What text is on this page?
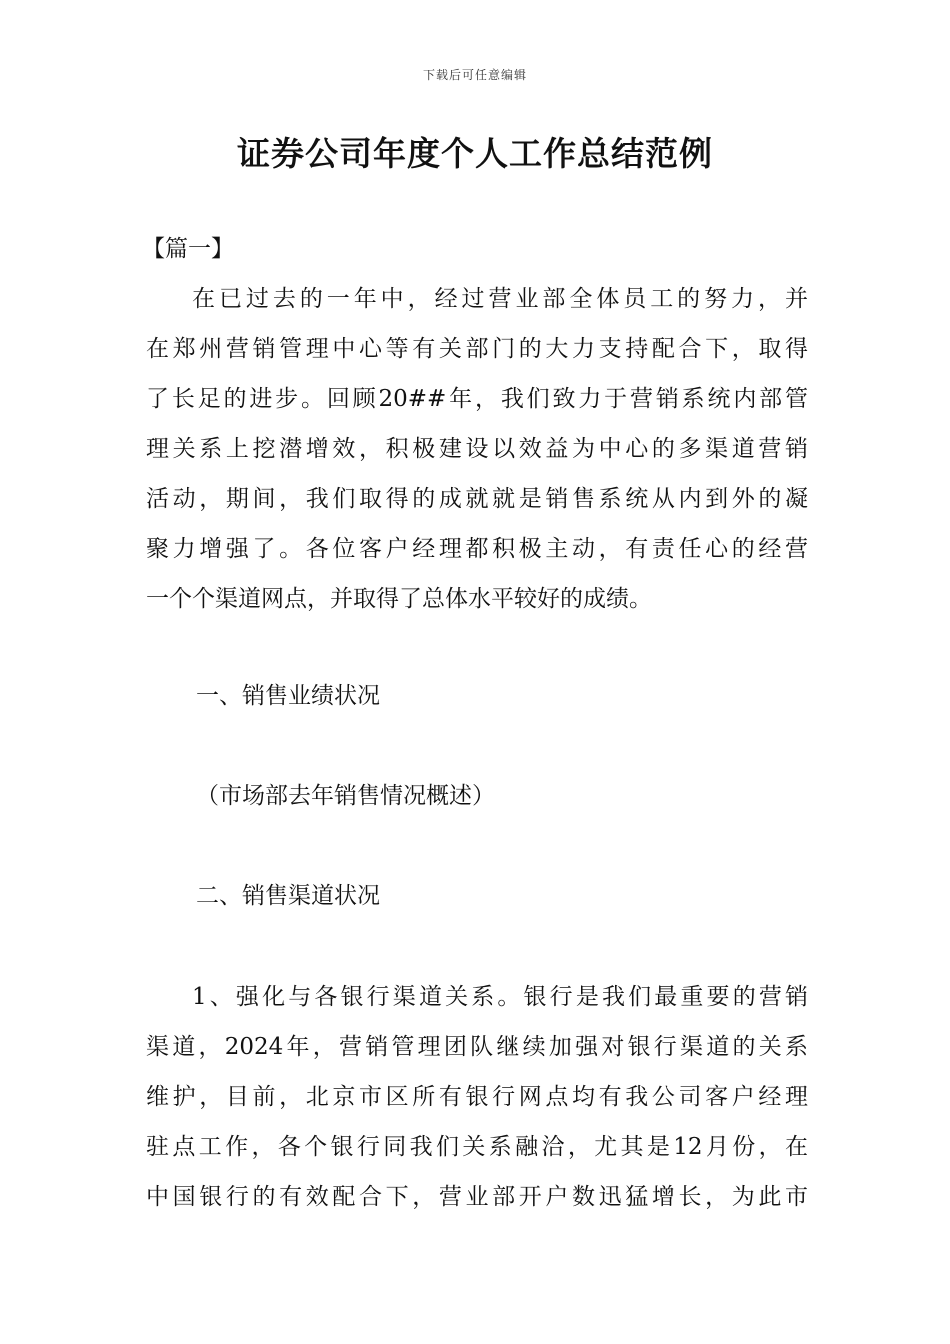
下载后可任意编辑
证券公司年度个人工作总结范例
【篇一】

在已过去的一年中，经过营业部全体员工的努力，并
在郑州营销管理中心等有关部门的大力支持配合下，取得
了长足的进步。回顾20##年，我们致力于营销系统内部管
理关系上挖潜增效，积极建设以效益为中心的多渠道营销
活动，期间，我们取得的成就就是销售系统从内到外的凝
聚力增强了。各位客户经理都积极主动，有责任心的经营
一个个渠道网点，并取得了总体水平较好的成绩。

一、销售业绩状况

（市场部去年销售情况概述）

二、销售渠道状况

1、强化与各银行渠道关系。银行是我们最重要的营销
渠道，2024年，营销管理团队继续加强对银行渠道的关系
维护，目前，北京市区所有银行网点均有我公司客户经理
驻点工作，各个银行同我们关系融洽，尤其是12月份，在
中国银行的有效配合下，营业部开户数迅猛增长，为此市
